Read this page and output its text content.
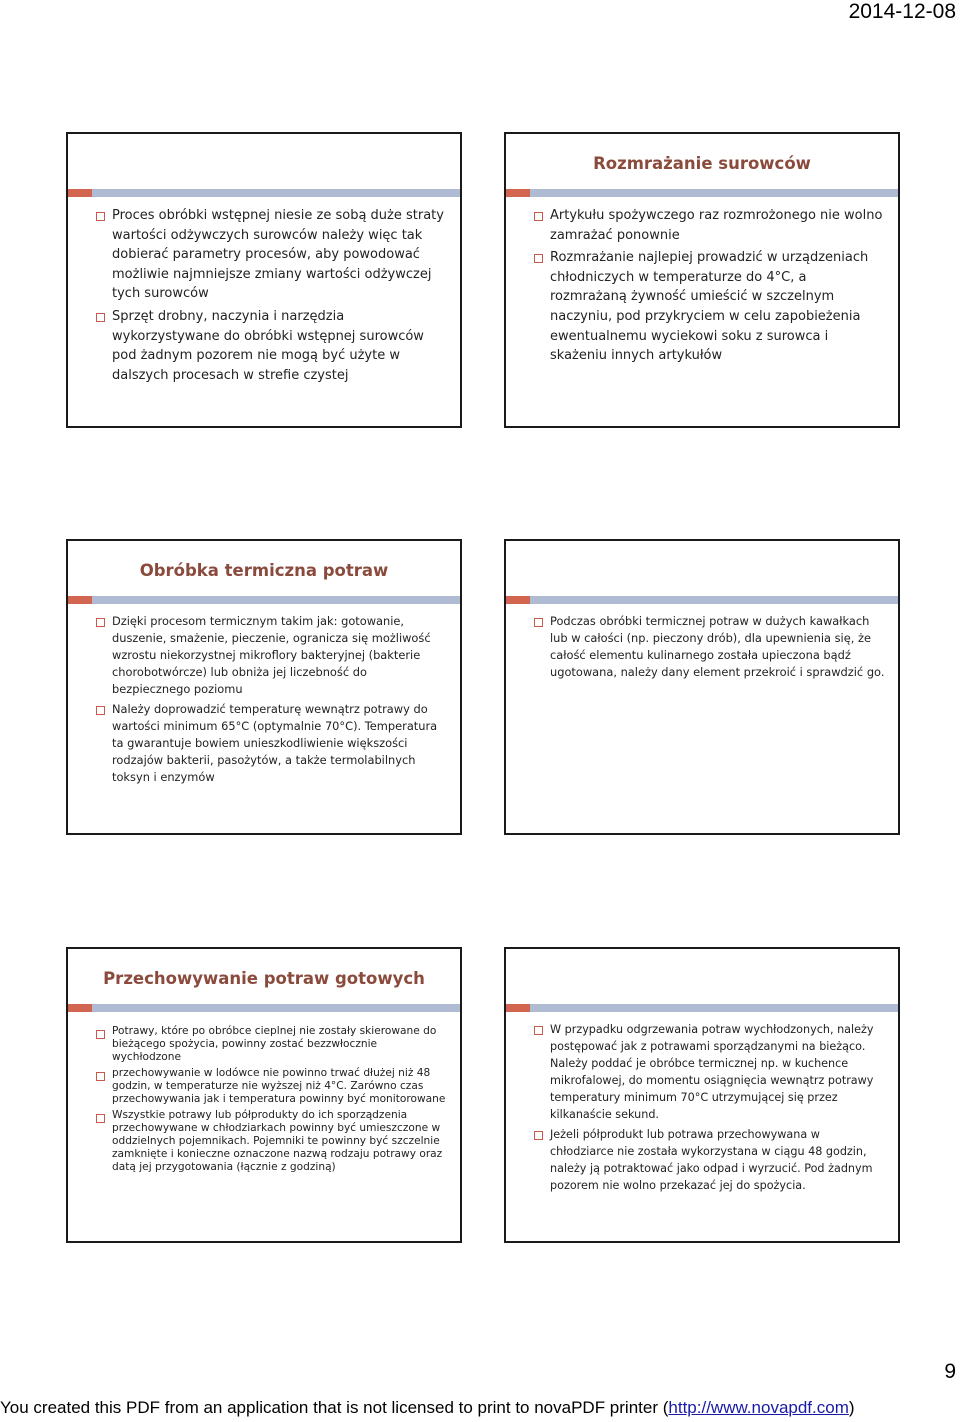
2014-12-08
Proces obróbki wstępnej niesie ze sobą duże straty wartości odżywczych surowców należy więc tak dobierać parametry procesów, aby powodować możliwie najmniejsze zmiany wartości odżywczej tych surowców
Sprzęt drobny, naczynia i narzędzia wykorzystywane do obróbki wstępnej surowców pod żadnym pozorem nie mogą być użyte w dalszych procesach w strefie czystej
Rozmrażanie surowców
Artykułu spożywczego raz rozmrożonego nie wolno zamrażać ponownie
Rozmrażanie najlepiej prowadzić w urządzeniach chłodniczych w temperaturze do 4°C, a rozmrażaną żywność umieścić w szczelnym naczyniu, pod przykryciem w celu zapobieżenia ewentualnemu wyciekowi soku z surowca i skażeniu innych artykułów
Obróbka termiczna potraw
Dzięki procesom termicznym takim jak: gotowanie, duszenie, smażenie, pieczenie, ogranicza się możliwość wzrostu niekorzystnej mikroflory bakteryjnej (bakterie chorobotwórcze) lub obniża jej liczebność do bezpiecznego poziomu
Należy doprowadzić temperaturę wewnątrz potrawy do wartości minimum 65°C (optymalnie 70°C). Temperatura ta gwarantuje bowiem unieszkodliwienie większości rodzajów bakterii, pasożytów, a także termolabilnych toksyn i enzymów
Podczas obróbki termicznej potraw w dużych kawałkach lub w całości (np. pieczony drób), dla upewnienia się, że całość elementu kulinarnego została upieczona bądź ugotowana, należy dany element przekroić i sprawdzić go.
Przechowywanie potraw gotowych
Potrawy, które po obróbce cieplnej nie zostały skierowane do bieżącego spożycia, powinny zostać bezzwłocznie wychłodzone
przechowywanie w lodówce nie powinno trwać dłużej niż 48 godzin, w temperaturze nie wyższej niż 4°C. Zarówno czas przechowywania jak i temperatura powinny być monitorowane
Wszystkie potrawy lub półprodukty do ich sporządzenia przechowywane w chłodziarkach powinny być umieszczone w oddzielnych pojemnikach. Pojemniki te powinny być szczelnie zamknięte i konieczne oznaczone nazwą rodzaju potrawy oraz datą jej przygotowania (łącznie z godziną)
W przypadku odgrzewania potraw wychłodzonych, należy postępować jak z potrawami sporządzanymi na bieżąco. Należy poddać je obróbce termicznej np. w kuchence mikrofalowej, do momentu osiągnięcia wewnątrz potrawy temperatury minimum 70°C utrzymującej się przez kilkanaście sekund.
Jeżeli półprodukt lub potrawa przechowywana w chłodziarce nie została wykorzystana w ciągu 48 godzin, należy ją potraktować jako odpad i wyrzucić. Pod żadnym pozorem nie wolno przekazać jej do spożycia.
9
You created this PDF from an application that is not licensed to print to novaPDF printer (http://www.novapdf.com)
